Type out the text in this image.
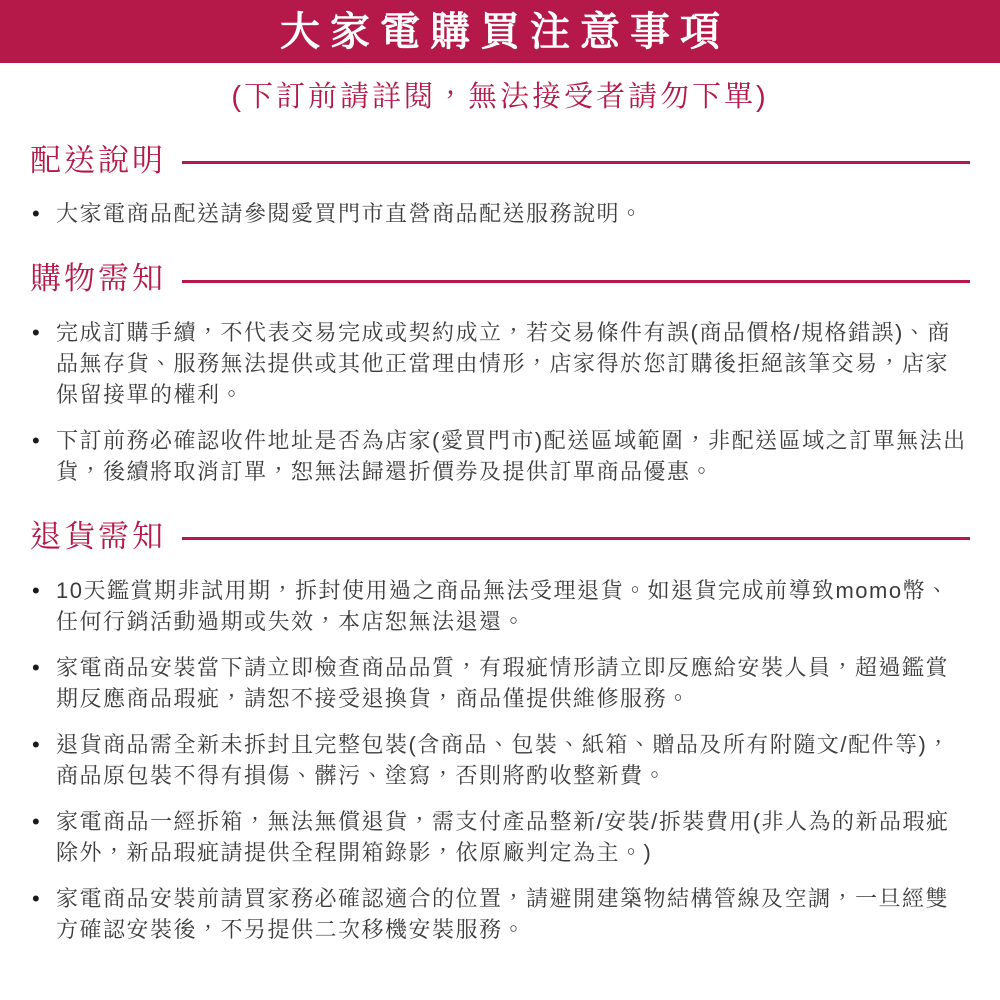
大家電購買注意事項
(下訂前請詳閱，無法接受者請勿下單)
配送說明
• 大家電商品配送請參閱愛買門市直營商品配送服務說明。
購物需知
• 完成訂購手續，不代表交易完成或契約成立，若交易條件有誤(商品價格/規格錯誤)、商品無存貨、服務無法提供或其他正當理由情形，店家得於您訂購後拒絕該筆交易，店家保留接單的權利。
• 下訂前務必確認收件地址是否為店家(愛買門市)配送區域範圍，非配送區域之訂單無法出貨，後續將取消訂單，恕無法歸還折價券及提供訂單商品優惠。
退貨需知
• 10天鑑賞期非試用期，拆封使用過之商品無法受理退貨。如退貨完成前導致momo幣、任何行銷活動過期或失效，本店恕無法退還。
• 家電商品安裝當下請立即檢查商品品質，有瑕疵情形請立即反應給安裝人員，超過鑑賞期反應商品瑕疵，請恕不接受退換貨，商品僅提供維修服務。
• 退貨商品需全新未拆封且完整包裝(含商品、包裝、紙箱、贈品及所有附隨文/配件等)，商品原包裝不得有損傷、髒污、塗寫，否則將酌收整新費。
• 家電商品一經拆箱，無法無償退貨，需支付產品整新/安裝/拆裝費用(非人為的新品瑕疵除外，新品瑕疵請提供全程開箱錄影，依原廠判定為主。)
• 家電商品安裝前請買家務必確認適合的位置，請避開建築物結構管線及空調，一旦經雙方確認安裝後，不另提供二次移機安裝服務。
